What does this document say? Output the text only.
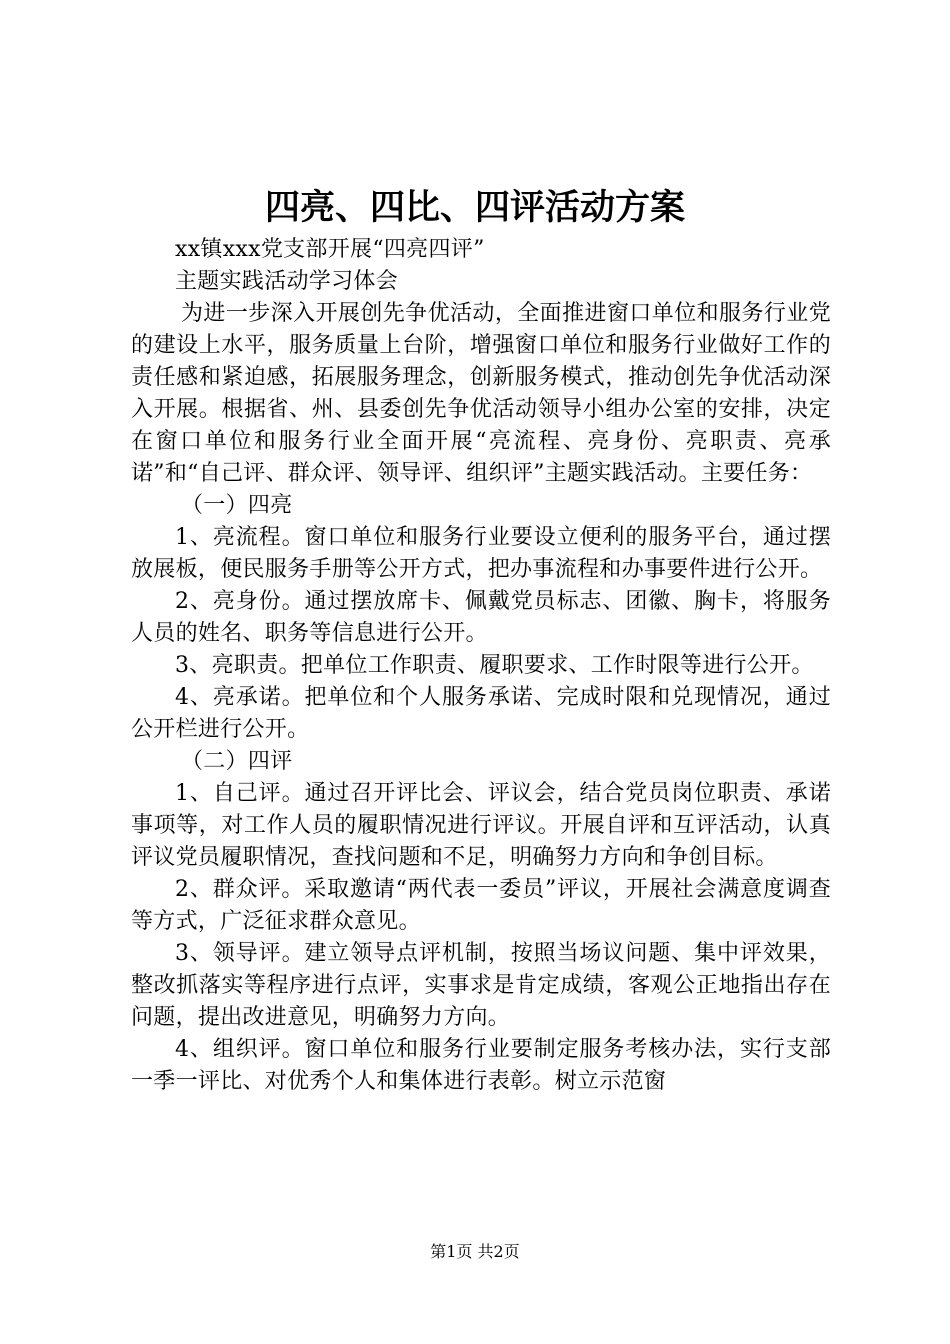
四亮、四比、四评活动方案

xx镇xxx党支部开展“四亮四评”

主题实践活动学习体会

为进一步深入开展创先争优活动，全面推进窗口单位和服务行业党的建设上水平，服务质量上台阶，增强窗口单位和服务行业做好工作的责任感和紧迫感，拓展服务理念，创新服务模式，推动创先争优活动深入开展。根据省、州、县委创先争优活动领导小组办公室的安排，决定在窗口单位和服务行业全面开展“亮流程、亮身份、亮职责、亮承诺”和“自己评、群众评、领导评、组织评”主题实践活动。主要任务：

（一）四亮

1、亮流程。窗口单位和服务行业要设立便利的服务平台，通过摆放展板，便民服务手册等公开方式，把办事流程和办事要件进行公开。

2、亮身份。通过摆放席卡、佩戴党员标志、团徽、胸卡，将服务人员的姓名、职务等信息进行公开。

3、亮职责。把单位工作职责、履职要求、工作时限等进行公开。

4、亮承诺。把单位和个人服务承诺、完成时限和兑现情况，通过公开栏进行公开。

（二）四评

1、自己评。通过召开评比会、评议会，结合党员岗位职责、承诺事项等，对工作人员的履职情况进行评议。开展自评和互评活动，认真评议党员履职情况，查找问题和不足，明确努力方向和争创目标。

2、群众评。采取邀请“两代表一委员”评议，开展社会满意度调查等方式，广泛征求群众意见。

3、领导评。建立领导点评机制，按照当场议问题、集中评效果，整改抓落实等程序进行点评，实事求是肯定成绩，客观公正地指出存在问题，提出改进意见，明确努力方向。

4、组织评。窗口单位和服务行业要制定服务考核办法，实行支部一季一评比、对优秀个人和集体进行表彰。树立示范窗

第1页 共2页
